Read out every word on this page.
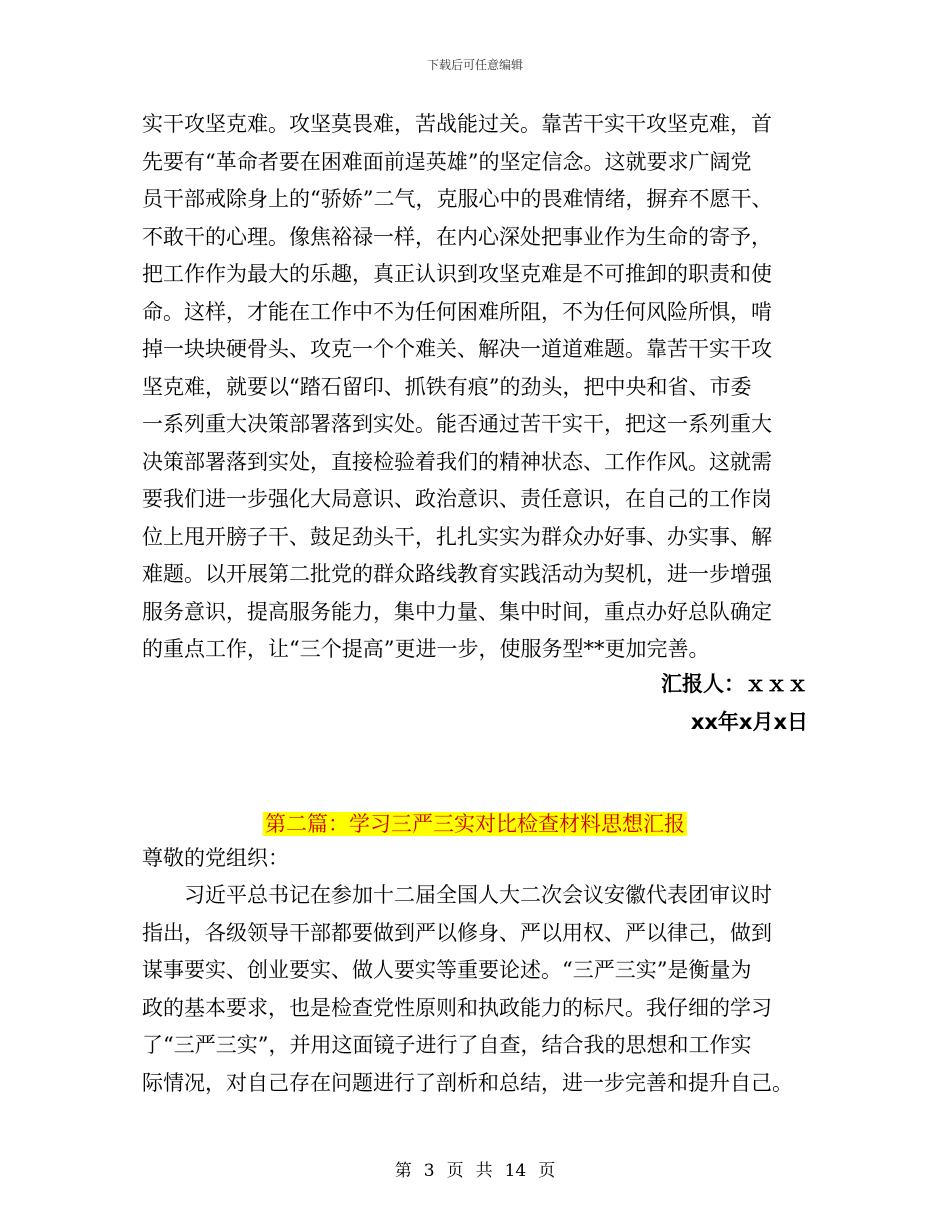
下载后可任意编辑
实干攻坚克难。攻坚莫畏难，苦战能过关。靠苦干实干攻坚克难，首
先要有“革命者要在困难面前逞英雄”的坚定信念。这就要求广阔党
员干部戒除身上的“骄娇”二气，克服心中的畏难情绪，摒弃不愿干、
不敢干的心理。像焦裕禄一样，在内心深处把事业作为生命的寄予，
把工作作为最大的乐趣，真正认识到攻坚克难是不可推卸的职责和使
命。这样，才能在工作中不为任何困难所阻，不为任何风险所惧，啃
掉一块块硬骨头、攻克一个个难关、解决一道道难题。靠苦干实干攻
坚克难，就要以“踏石留印、抓铁有痕”的劲头，把中央和省、市委
一系列重大决策部署落到实处。能否通过苦干实干，把这一系列重大
决策部署落到实处，直接检验着我们的精神状态、工作作风。这就需
要我们进一步强化大局意识、政治意识、责任意识，在自己的工作岗
位上甩开膀子干、鼓足劲头干，扎扎实实为群众办好事、办实事、解
难题。以开展第二批党的群众路线教育实践活动为契机，进一步增强
服务意识，提高服务能力，集中力量、集中时间，重点办好总队确定
的重点工作，让“三个提高”更进一步，使服务型**更加完善。
汇报人：ｘｘｘ
xx年x月x日
第二篇：学习三严三实对比检查材料思想汇报
尊敬的党组织：
　　习近平总书记在参加十二届全国人大二次会议安徽代表团审议时
指出，各级领导干部都要做到严以修身、严以用权、严以律己，做到
谋事要实、创业要实、做人要实等重要论述。“三严三实”是衡量为
政的基本要求，也是检查党性原则和执政能力的标尺。我仔细的学习
了“三严三实”，并用这面镜子进行了自查，结合我的思想和工作实
际情况，对自己存在问题进行了剖析和总结，进一步完善和提升自己。
第 3 页 共 14 页
